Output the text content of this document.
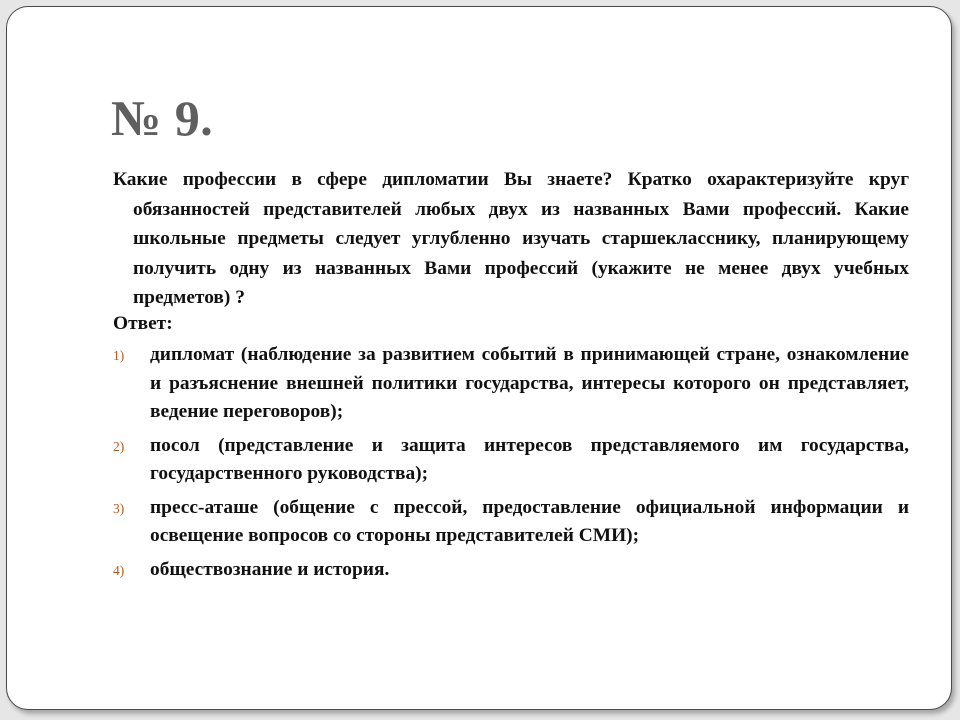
№ 9.
Какие профессии в сфере дипломатии Вы знаете? Кратко охарактеризуйте круг обязанностей представителей любых двух из названных Вами профессий. Какие школьные предметы следует углубленно изучать старшекласснику, планирующему получить одну из названных Вами профессий (укажите не менее двух учебных предметов) ?
Ответ:
1) дипломат (наблюдение за развитием событий в принимающей стране, ознакомление и разъяснение внешней политики государства, интересы которого он представляет, ведение переговоров);
2) посол (представление и защита интересов представляемого им государства, государственного руководства);
3) пресс-аташе (общение с прессой, предоставление официальной информации и освещение вопросов со стороны представителей СМИ);
4) обществознание и история.
